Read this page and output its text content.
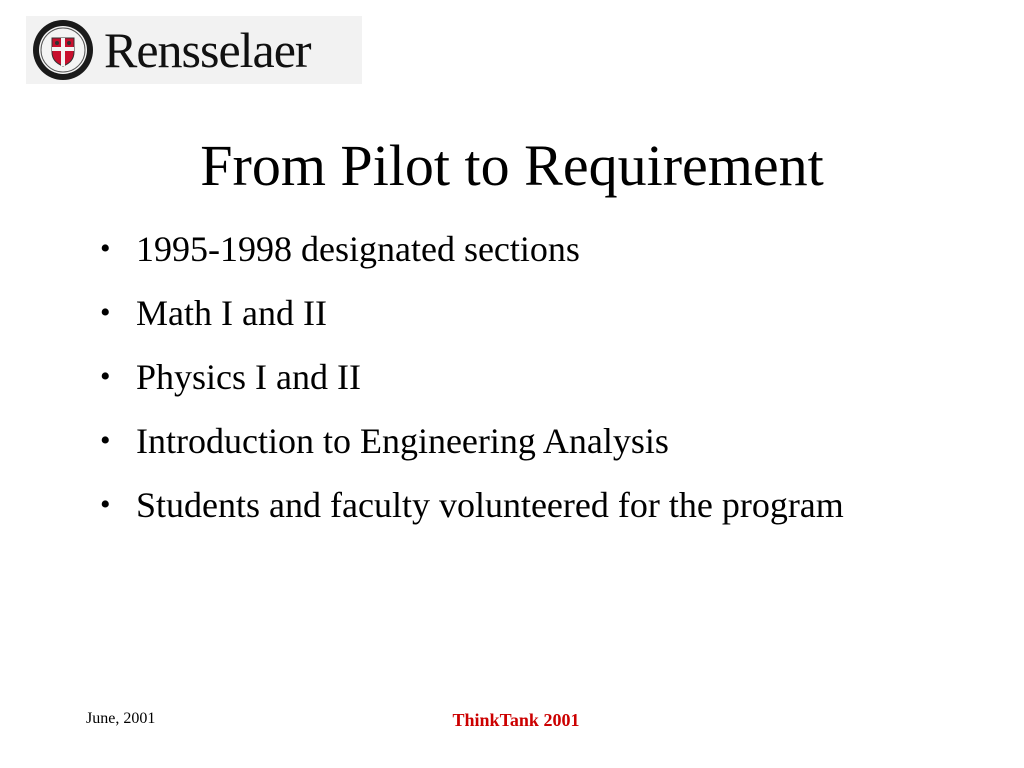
Rensselaer
From Pilot to Requirement
• 1995-1998 designated sections
• Math I and II
• Physics I and II
• Introduction to Engineering Analysis
• Students and faculty volunteered for the program
June, 2001	ThinkTank 2001
